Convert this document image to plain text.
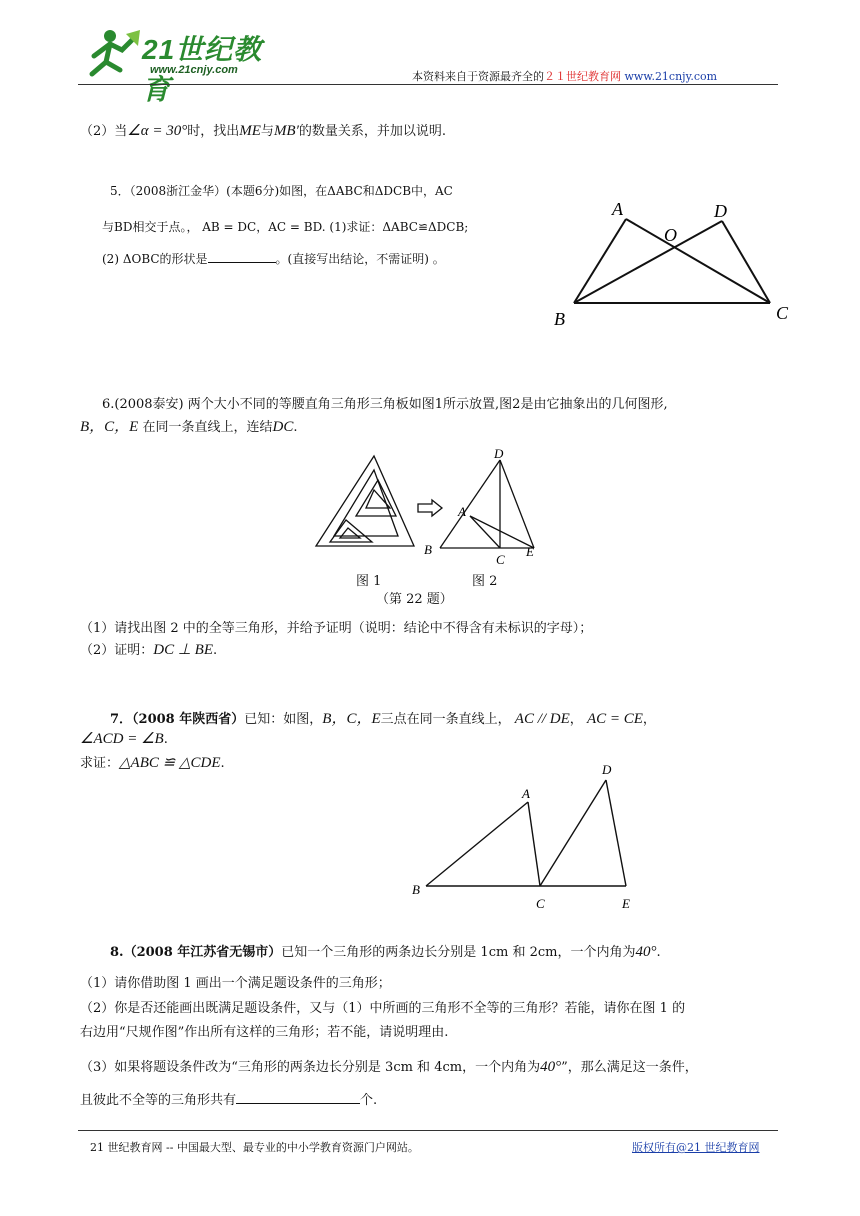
21世纪教育
www.21cnjy.com	本资料来自于资源最齐全的２１世纪教育网 www.21cnjy.com
（2）当∠α = 30°时，找出ME与MB′的数量关系，并加以说明.
5．（2008浙江金华）(本题6分)如图，在ΔABC和ΔDCB中，AC
与BD相交于点。， AB = DC，AC = BD. (1)求证：ΔABC≌ΔDCB;
(2) ΔOBC的形状是	。(直接写出结论，不需证明) 。
A	D
O
B	C
6.(2008泰安) 两个大小不同的等腰直角三角形三角板如图1所示放置,图2是由它抽象出的几何图形,
B，C，E 在同一条直线上，连结DC.
D
A
B
C
E
图 1	图 2
（第 22 题）
（1）请找出图 2 中的全等三角形，并给予证明（说明：结论中不得含有未标识的字母）；
（2）证明：DC ⊥ BE.
7．（2008 年陕西省）已知：如图，B，C，E三点在同一条直线上， AC // DE， AC = CE，
∠ACD = ∠B.
求证：△ABC ≌ △CDE.	D
A
B
C	E
8.（2008 年江苏省无锡市）已知一个三角形的两条边长分别是 1cm 和 2cm，一个内角为40°.
（1）请你借助图 1 画出一个满足题设条件的三角形；
（2）你是否还能画出既满足题设条件，又与（1）中所画的三角形不全等的三角形？若能，请你在图 1 的
右边用“尺规作图”作出所有这样的三角形；若不能，请说明理由.
（3）如果将题设条件改为“三角形的两条边长分别是 3cm 和 4cm，一个内角为40°”，那么满足这一条件，
且彼此不全等的三角形共有	个.
21 世纪教育网 -- 中国最大型、最专业的中小学教育资源门户网站。	版权所有@21 世纪教育网
